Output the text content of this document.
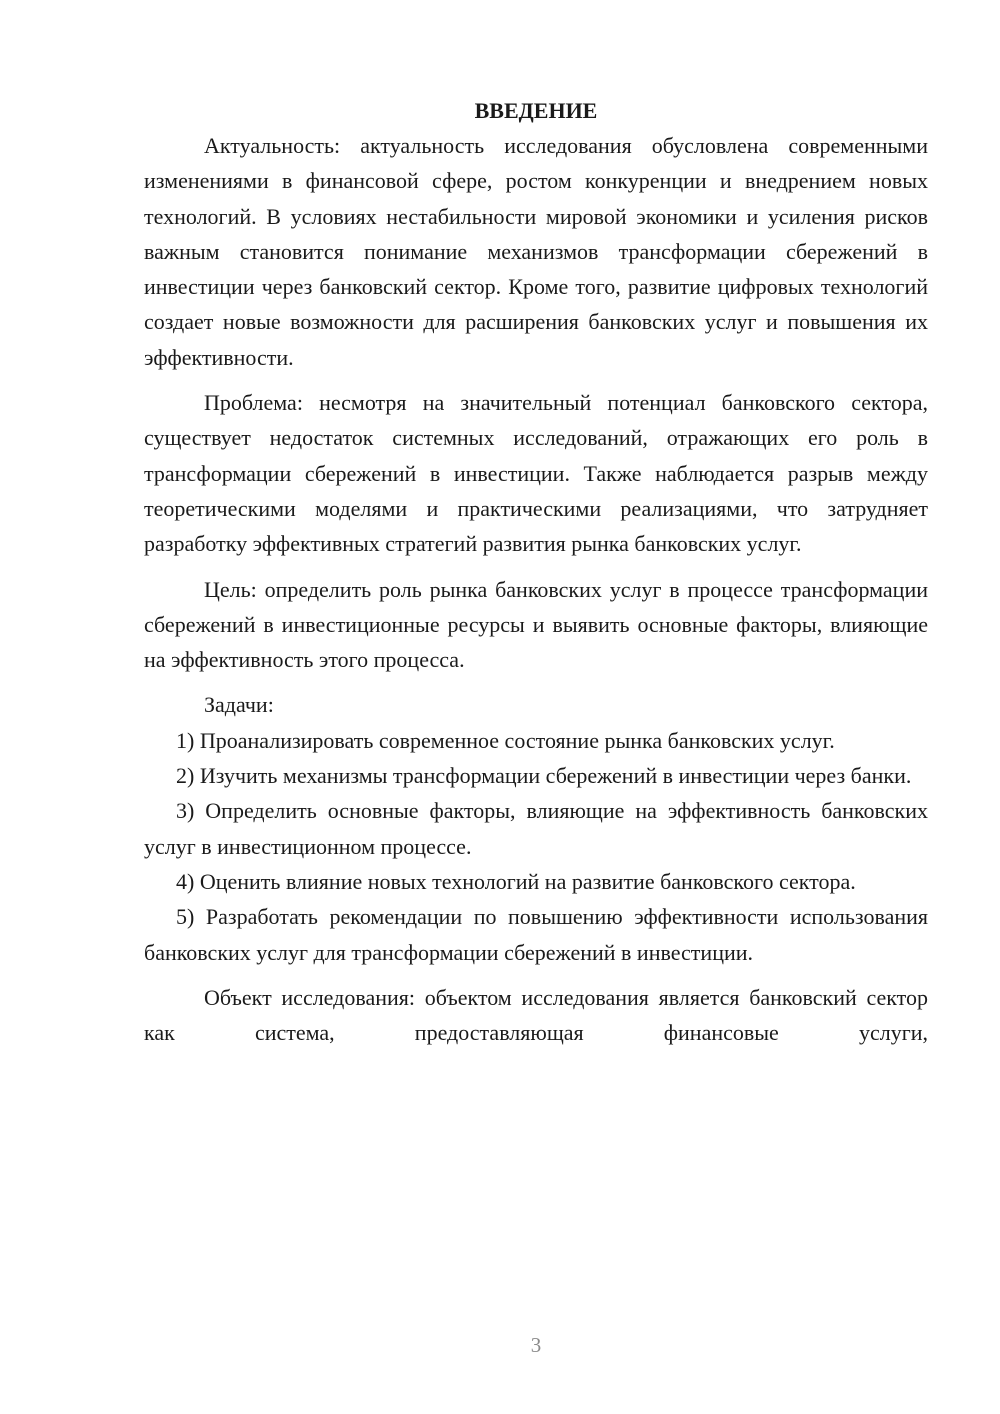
ВВЕДЕНИЕ

Актуальность: актуальность исследования обусловлена современными изменениями в финансовой сфере, ростом конкуренции и внедрением новых технологий. В условиях нестабильности мировой экономики и усиления рисков важным становится понимание механизмов трансформации сбережений в инвестиции через банковский сектор. Кроме того, развитие цифровых технологий создает новые возможности для расширения банковских услуг и повышения их эффективности.

Проблема: несмотря на значительный потенциал банковского сектора, существует недостаток системных исследований, отражающих его роль в трансформации сбережений в инвестиции. Также наблюдается разрыв между теоретическими моделями и практическими реализациями, что затрудняет разработку эффективных стратегий развития рынка банковских услуг.

Цель: определить роль рынка банковских услуг в процессе трансформации сбережений в инвестиционные ресурсы и выявить основные факторы, влияющие на эффективность этого процесса.

Задачи:

1) Проанализировать современное состояние рынка банковских услуг.

2) Изучить механизмы трансформации сбережений в инвестиции через банки.

3) Определить основные факторы, влияющие на эффективность банковских услуг в инвестиционном процессе.

4) Оценить влияние новых технологий на развитие банковского сектора.

5) Разработать рекомендации по повышению эффективности использования банковских услуг для трансформации сбережений в инвестиции.

Объект исследования: объектом исследования является банковский сектор как система, предоставляющая финансовые услуги,

3
